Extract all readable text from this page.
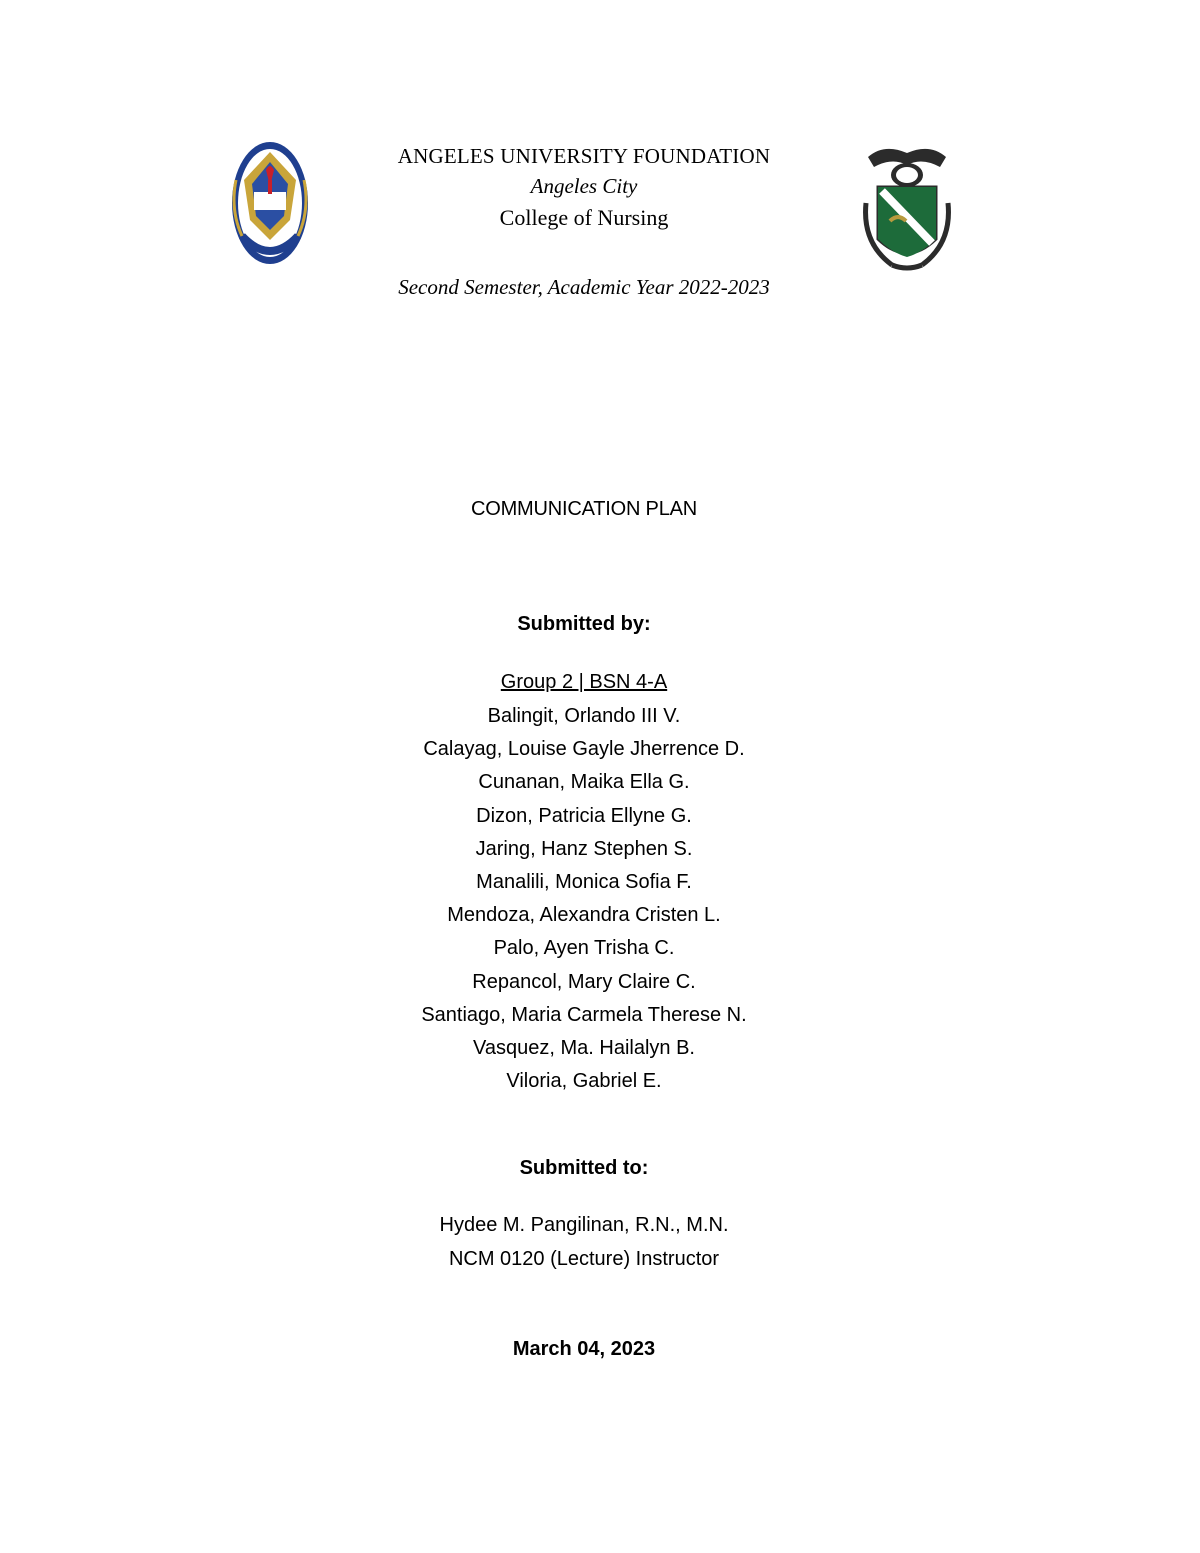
ANGELES UNIVERSITY FOUNDATION
Angeles City
College of Nursing
Second Semester, Academic Year 2022-2023
COMMUNICATION PLAN
Submitted by:
Group 2 | BSN 4-A
Balingit, Orlando III V.
Calayag, Louise Gayle Jherrence D.
Cunanan, Maika Ella G.
Dizon, Patricia Ellyne G.
Jaring, Hanz Stephen S.
Manalili, Monica Sofia F.
Mendoza, Alexandra Cristen L.
Palo, Ayen Trisha C.
Repancol, Mary Claire C.
Santiago, Maria Carmela Therese N.
Vasquez, Ma. Hailalyn B.
Viloria, Gabriel E.
Submitted to:
Hydee M. Pangilinan, R.N., M.N.
NCM 0120 (Lecture) Instructor
March 04, 2023
